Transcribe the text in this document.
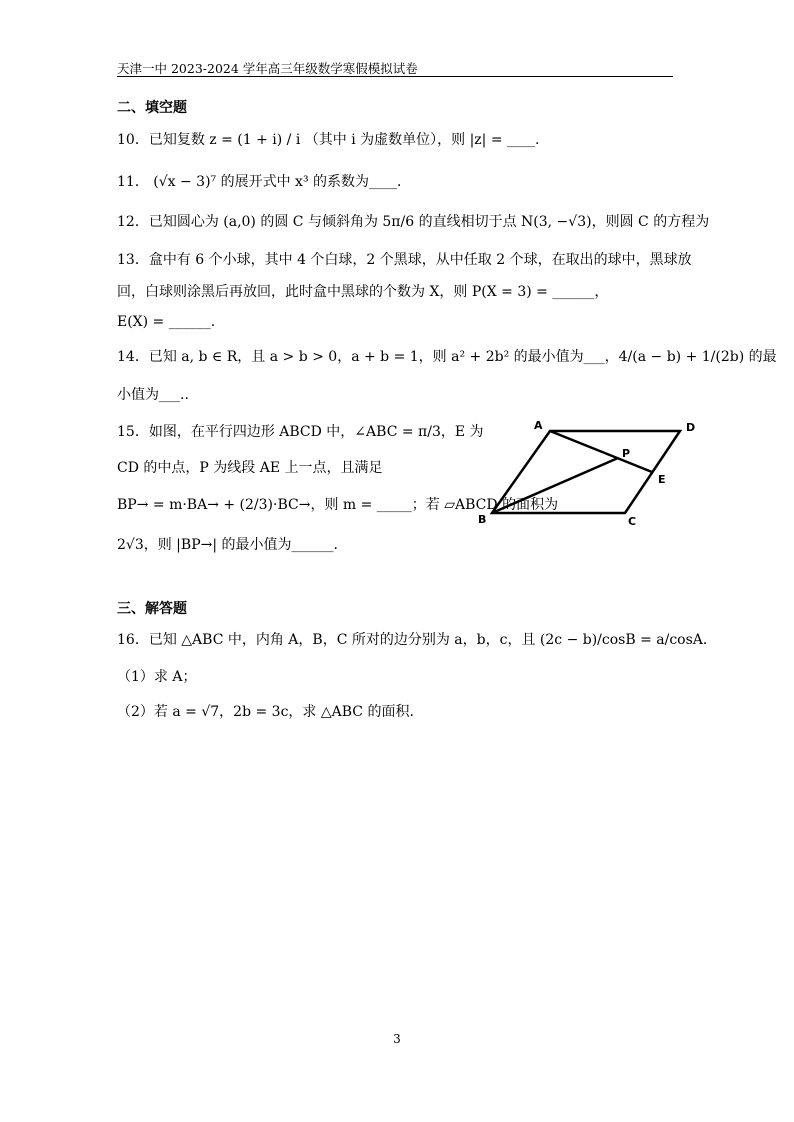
天津一中 2023-2024 学年高三年级数学寒假模拟试卷
二、填空题
10．已知复数 z = (1 + i) / i （其中 i 为虚数单位），则 |z| = ____.
11． (√x − 3)⁷ 的展开式中 x³ 的系数为____．
12．已知圆心为 (a,0) 的圆 C 与倾斜角为 5π/6 的直线相切于点 N(3, −√3)，则圆 C 的方程为
13．盒中有 6 个小球，其中 4 个白球，2 个黑球，从中任取 2 个球，在取出的球中，黑球放
回，白球则涂黑后再放回，此时盒中黑球的个数为 X，则 P(X = 3) = ______，
E(X) = ______.
14．已知 a, b ∈ R，且 a > b > 0，a + b = 1，则 a² + 2b² 的最小值为___，4/(a − b) + 1/(2b) 的最
小值为___..
15．如图，在平行四边形 ABCD 中，∠ABC = π/3，E 为
CD 的中点，P 为线段 AE 上一点，且满足
BP→ = m·BA→ + (2/3)·BC→，则 m = _____；若 ▱ABCD 的面积为
2√3，则 |BP→| 的最小值为______.
A	D
P
E
B	C
三、解答题
16．已知 △ABC 中，内角 A，B，C 所对的边分别为 a，b，c，且 (2c − b)/cosB = a/cosA．
（1）求 A；
（2）若 a = √7，2b = 3c，求 △ABC 的面积.
3
